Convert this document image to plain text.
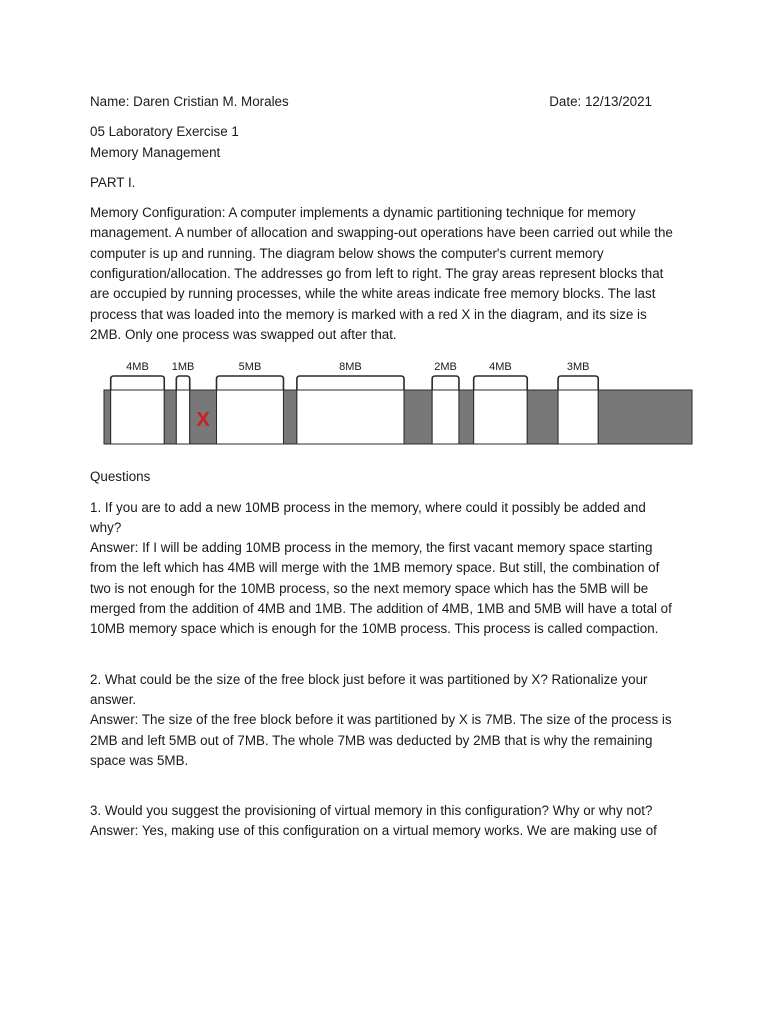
Name: Daren Cristian M. Morales	Date: 12/13/2021

05 Laboratory Exercise 1

Memory Management

PART I.

Memory Configuration: A computer implements a dynamic partitioning technique for memory management. A number of allocation and swapping-out operations have been carried out while the computer is up and running. The diagram below shows the computer's current memory configuration/allocation. The addresses go from left to right. The gray areas represent blocks that are occupied by running processes, while the white areas indicate free memory blocks. The last process that was loaded into the memory is marked with a red X in the diagram, and its size is 2MB. Only one process was swapped out after that.

4MB 1MB
X
5MB	8MB	2MB	4MB	3MB

Questions

1. If you are to add a new 10MB process in the memory, where could it possibly be added and why?

Answer: If I will be adding 10MB process in the memory, the first vacant memory space starting from the left which has 4MB will merge with the 1MB memory space. But still, the combination of two is not enough for the 10MB process, so the next memory space which has the 5MB will be merged from the addition of 4MB and 1MB. The addition of 4MB, 1MB and 5MB will have a total of 10MB memory space which is enough for the 10MB process. This process is called compaction.

2. What could be the size of the free block just before it was partitioned by X? Rationalize your answer.

Answer: The size of the free block before it was partitioned by X is 7MB. The size of the process is 2MB and left 5MB out of 7MB. The whole 7MB was deducted by 2MB that is why the remaining space was 5MB.

3. Would you suggest the provisioning of virtual memory in this configuration? Why or why not?

Answer: Yes, making use of this configuration on a virtual memory works. We are making use of
